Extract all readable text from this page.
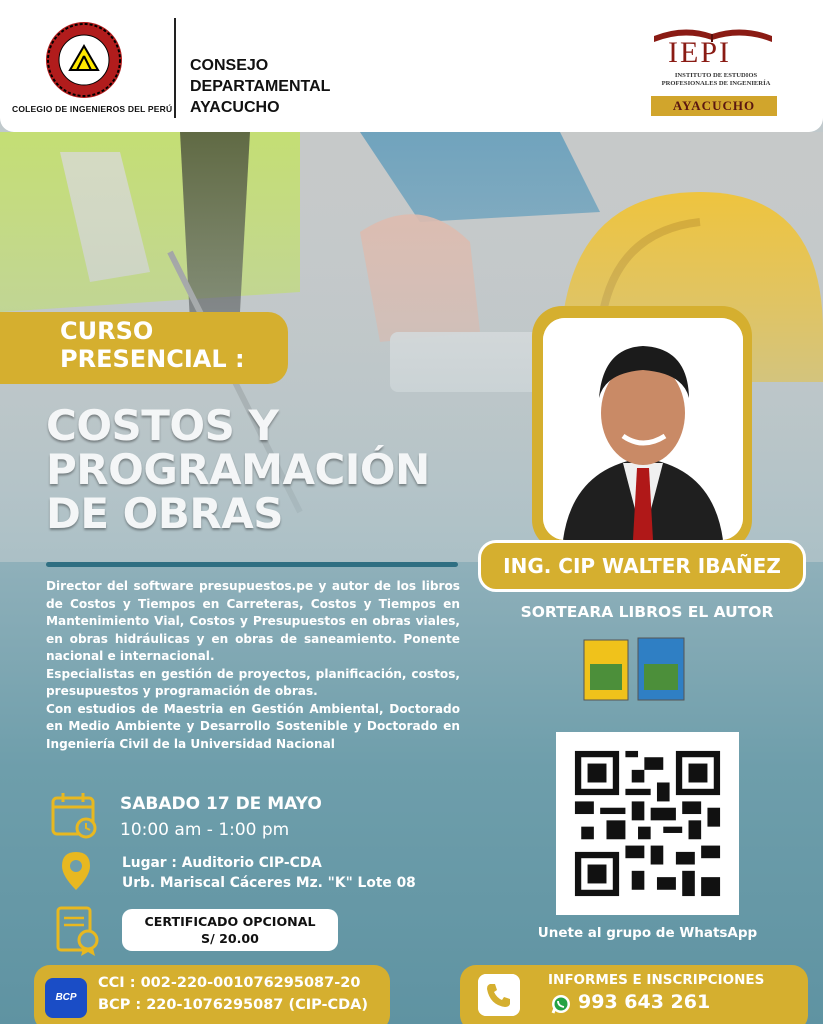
COLEGIO DE INGENIEROS DEL PERÚ
CONSEJO
DEPARTAMENTAL
AYACUCHO
IEPI
INSTITUTO DE ESTUDIOS
PROFESIONALES DE INGENIERÍA
AYACUCHO
CURSO
PRESENCIAL :
COSTOS Y
PROGRAMACIÓN
DE OBRAS

Director del software presupuestos.pe y autor de los libros de Costos y Tiempos en Carreteras, Costos y Tiempos en Mantenimiento Vial, Costos y Presupuestos en obras viales, en obras hidráulicas y en obras de saneamiento. Ponente nacional e internacional.

Especialistas en gestión de proyectos, planificación, costos, presupuestos y programación de obras.

Con estudios de Maestria en Gestión Ambiental, Doctorado en Medio Ambiente y Desarrollo Sostenible y Doctorado en Ingeniería Civil de la Universidad Nacional

ING. CIP WALTER IBAÑEZ
SORTEARA LIBROS EL AUTOR
Unete al grupo de WhatsApp
SABADO 17 DE MAYO
10:00 am - 1:00 pm
Lugar : Auditorio CIP-CDA
Urb. Mariscal Cáceres Mz. "K" Lote 08
CERTIFICADO OPCIONAL
S/ 20.00
BCP
CCI : 002-220-001076295087-20
BCP : 220-1076295087 (CIP-CDA)
INFORMES E INSCRIPCIONES
993 643 261
